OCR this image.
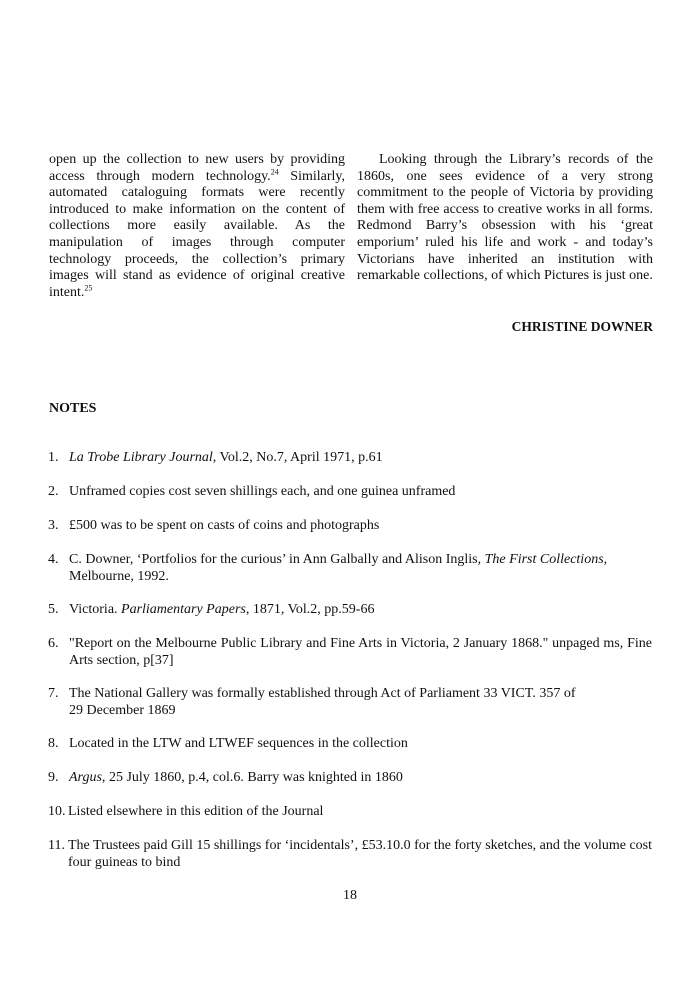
open up the collection to new users by providing access through modern technology.$^{24}$ Similarly, automated cataloguing formats were recently introduced to make information on the content of collections more easily available. As the manipulation of images through computer technology proceeds, the collection’s primary images will stand as evidence of original creative intent.$^{25}$

Looking through the Library’s records of the 1860s, one sees evidence of a very strong commitment to the people of Victoria by providing them with free access to creative works in all forms. Redmond Barry’s obsession with his ‘great emporium’ ruled his life and work - and today’s Victorians have inherited an institution with remarkable collections, of which Pictures is just one.

CHRISTINE DOWNER
NOTES
1. La Trobe Library Journal, Vol.2, No.7, April 1971, p.61
2. Unframed copies cost seven shillings each, and one guinea unframed
3. £500 was to be spent on casts of coins and photographs
4. C. Downer, ‘Portfolios for the curious’ in Ann Galbally and Alison Inglis, The First Collections, Melbourne, 1992.
5. Victoria. Parliamentary Papers, 1871, Vol.2, pp.59-66
6. "Report on the Melbourne Public Library and Fine Arts in Victoria, 2 January 1868." unpaged ms, Fine Arts section, p[37]
7. The National Gallery was formally established through Act of Parliament 33 VICT. 357 of
29 December 1869
8. Located in the LTW and LTWEF sequences in the collection
9. Argus, 25 July 1860, p.4, col.6. Barry was knighted in 1860
10. Listed elsewhere in this edition of the Journal
11. The Trustees paid Gill 15 shillings for ‘incidentals’, £53.10.0 for the forty sketches, and the volume cost four guineas to bind
18
